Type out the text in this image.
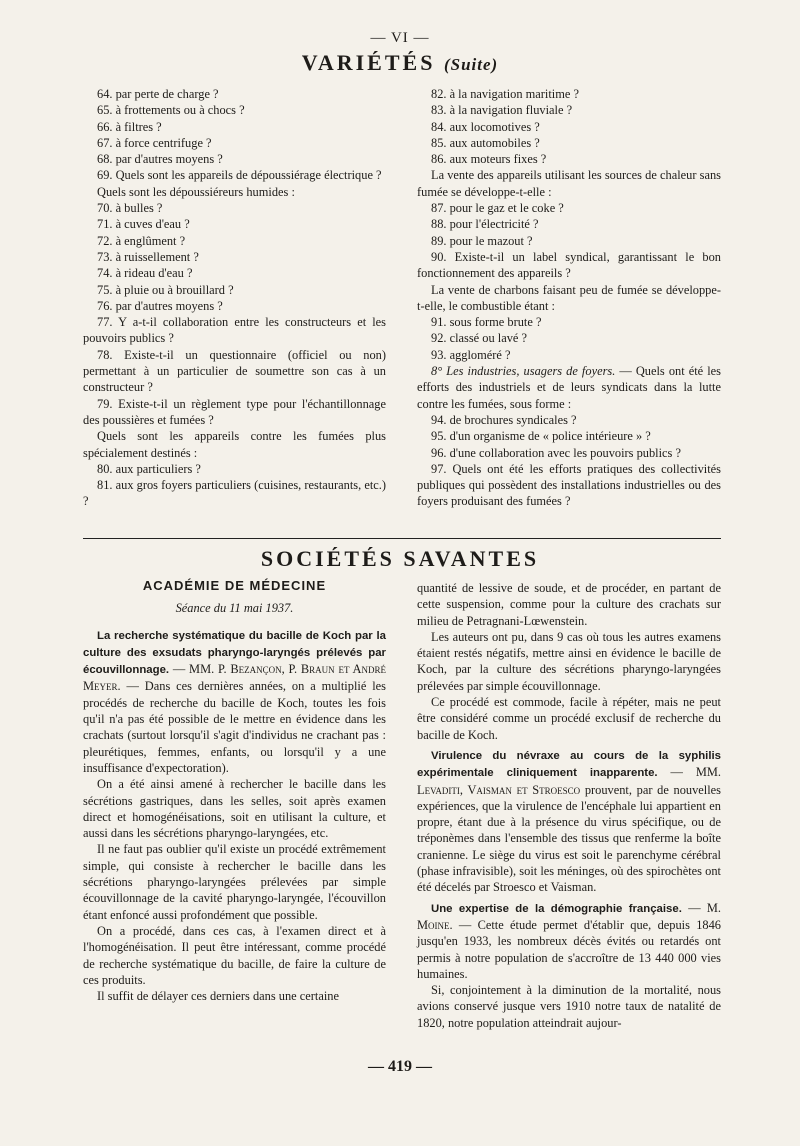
— VI —
VARIÉTÉS (Suite)

64. par perte de charge ?

65. à frottements ou à chocs ?

66. à filtres ?

67. à force centrifuge ?

68. par d'autres moyens ?

69. Quels sont les appareils de dépoussiérage électrique ?

Quels sont les dépoussiéreurs humides :

70. à bulles ?

71. à cuves d'eau ?

72. à englûment ?

73. à ruissellement ?

74. à rideau d'eau ?

75. à pluie ou à brouillard ?

76. par d'autres moyens ?

77. Y a-t-il collaboration entre les constructeurs et les pouvoirs publics ?

78. Existe-t-il un questionnaire (officiel ou non) permettant à un particulier de soumettre son cas à un constructeur ?

79. Existe-t-il un règlement type pour l'échantillonnage des poussières et fumées ?

Quels sont les appareils contre les fumées plus spécialement destinés :

80. aux particuliers ?

81. aux gros foyers particuliers (cuisines, restaurants, etc.) ?

82. à la navigation maritime ?

83. à la navigation fluviale ?

84. aux locomotives ?

85. aux automobiles ?

86. aux moteurs fixes ?

La vente des appareils utilisant les sources de chaleur sans fumée se développe-t-elle :

87. pour le gaz et le coke ?

88. pour l'électricité ?

89. pour le mazout ?

90. Existe-t-il un label syndical, garantissant le bon fonctionnement des appareils ?

La vente de charbons faisant peu de fumée se développe-t-elle, le combustible étant :

91. sous forme brute ?

92. classé ou lavé ?

93. aggloméré ?

8° Les industries, usagers de foyers. — Quels ont été les efforts des industriels et de leurs syndicats dans la lutte contre les fumées, sous forme :

94. de brochures syndicales ?

95. d'un organisme de « police intérieure » ?

96. d'une collaboration avec les pouvoirs publics ?

97. Quels ont été les efforts pratiques des collectivités publiques qui possèdent des installations industrielles ou des foyers produisant des fumées ?

SOCIÉTÉS SAVANTES
ACADÉMIE DE MÉDECINE
Séance du 11 mai 1937.

La recherche systématique du bacille de Koch par la culture des exsudats pharyngo-laryngés prélevés par écouvillonnage. — MM. P. Bezançon, P. Braun et André Meyer. — Dans ces dernières années, on a multiplié les procédés de recherche du bacille de Koch, toutes les fois qu'il n'a pas été possible de le mettre en évidence dans les crachats (surtout lorsqu'il s'agit d'individus ne crachant pas : pleurétiques, femmes, enfants, ou lorsqu'il y a une insuffisance d'expectoration).

On a été ainsi amené à rechercher le bacille dans les sécrétions gastriques, dans les selles, soit après examen direct et homogénéisations, soit en utilisant la culture, et aussi dans les sécrétions pharyngo-laryngées, etc.

Il ne faut pas oublier qu'il existe un procédé extrêmement simple, qui consiste à rechercher le bacille dans les sécrétions pharyngo-laryngées prélevées par simple écouvillonnage de la cavité pharyngo-laryngée, l'écouvillon étant enfoncé aussi profondément que possible.

On a procédé, dans ces cas, à l'examen direct et à l'homogénéisation. Il peut être intéressant, comme procédé de recherche systématique du bacille, de faire la culture de ces produits.

Il suffit de délayer ces derniers dans une certaine

quantité de lessive de soude, et de procéder, en partant de cette suspension, comme pour la culture des crachats sur milieu de Petragnani-Lœwenstein.

Les auteurs ont pu, dans 9 cas où tous les autres examens étaient restés négatifs, mettre ainsi en évidence le bacille de Koch, par la culture des sécrétions pharyngo-laryngées prélevées par simple écouvillonnage.

Ce procédé est commode, facile à répéter, mais ne peut être considéré comme un procédé exclusif de recherche du bacille de Koch.

Virulence du névraxe au cours de la syphilis expérimentale cliniquement inapparente. — MM. Levaditi, Vaisman et Stroesco prouvent, par de nouvelles expériences, que la virulence de l'encéphale lui appartient en propre, étant due à la présence du virus spécifique, ou de tréponèmes dans l'ensemble des tissus que renferme la boîte cranienne. Le siège du virus est soit le parenchyme cérébral (phase infravisible), soit les méninges, où des spirochètes ont été décelés par Stroesco et Vaisman.

Une expertise de la démographie française. — M. Moine. — Cette étude permet d'établir que, depuis 1846 jusqu'en 1933, les nombreux décès évités ou retardés ont permis à notre population de s'accroître de 13 440 000 vies humaines.

Si, conjointement à la diminution de la mortalité, nous avions conservé jusque vers 1910 notre taux de natalité de 1820, notre population atteindrait aujour-

— 419 —
